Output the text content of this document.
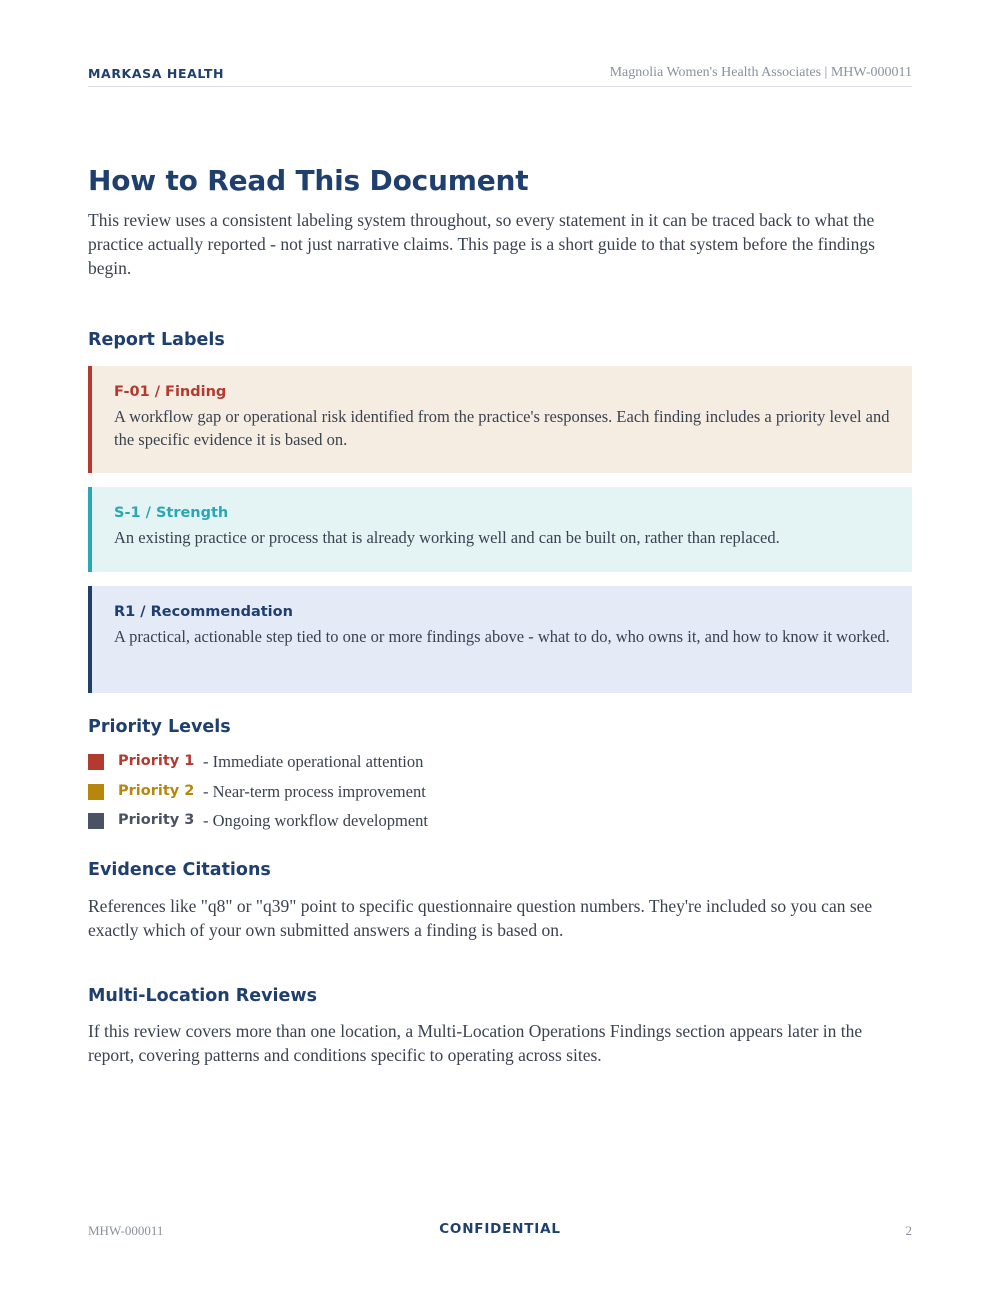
MARKASA HEALTH	Magnolia Women's Health Associates | MHW-000011
How to Read This Document

This review uses a consistent labeling system throughout, so every statement in it can be traced back to what the practice actually reported - not just narrative claims. This page is a short guide to that system before the findings begin.

Report Labels
F-01 / Finding
A workflow gap or operational risk identified from the practice's responses. Each finding includes a priority level and the specific evidence it is based on.
S-1 / Strength
An existing practice or process that is already working well and can be built on, rather than replaced.
R1 / Recommendation
A practical, actionable step tied to one or more findings above - what to do, who owns it, and how to know it worked.
Priority Levels
Priority 1 - Immediate operational attention
Priority 2 - Near-term process improvement
Priority 3 - Ongoing workflow development
Evidence Citations

References like "q8" or "q39" point to specific questionnaire question numbers. They're included so you can see exactly which of your own submitted answers a finding is based on.

Multi-Location Reviews

If this review covers more than one location, a Multi-Location Operations Findings section appears later in the report, covering patterns and conditions specific to operating across sites.

MHW-000011	CONFIDENTIAL	2
